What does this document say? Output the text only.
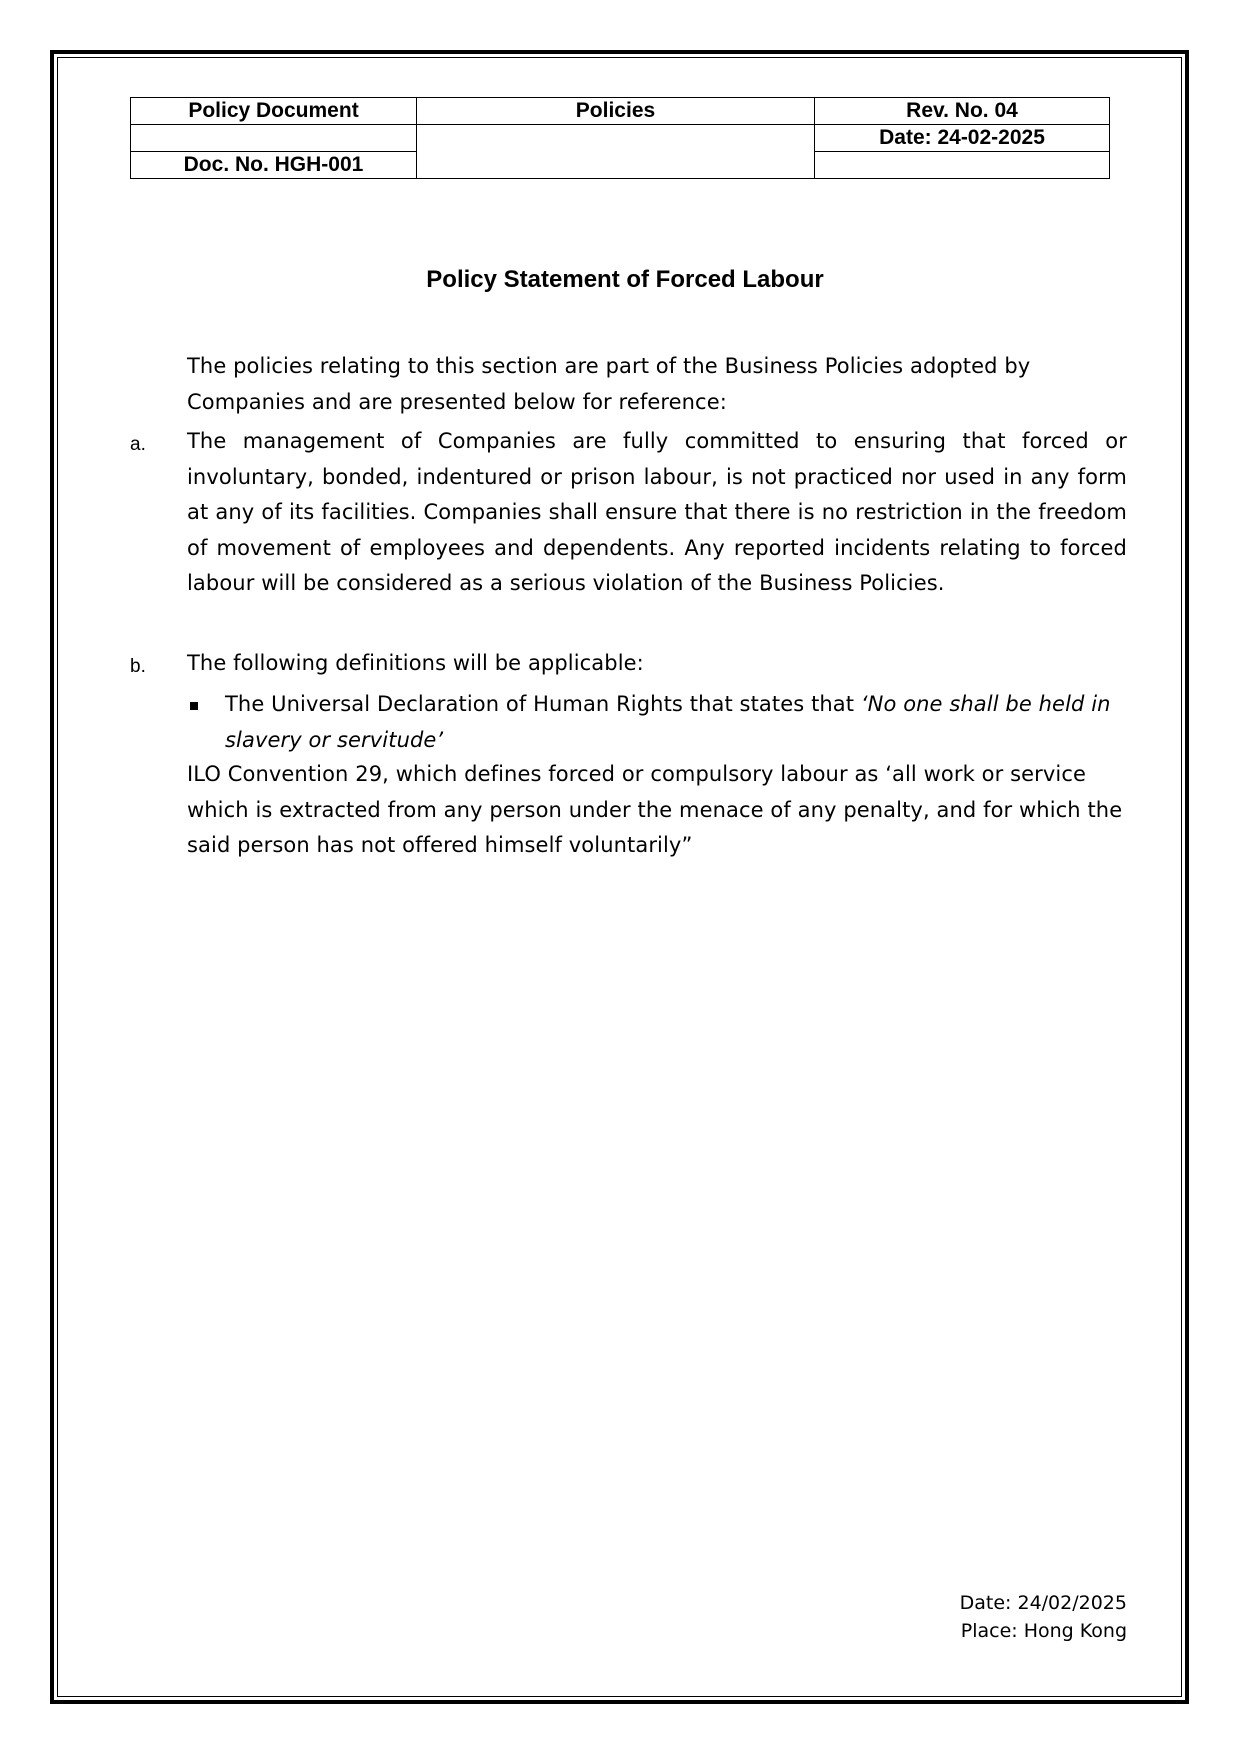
Policy Document	Policies	Rev. No. 04
		Date: 24-02-2025
Doc. No. HGH-001		
Policy Statement of Forced Labour
The policies relating to this section are part of the Business Policies adopted by Companies and are presented below for reference:
a. The management of Companies are fully committed to ensuring that forced or involuntary, bonded, indentured or prison labour, is not practiced nor used in any form at any of its facilities. Companies shall ensure that there is no restriction in the freedom of movement of employees and dependents. Any reported incidents relating to forced labour will be considered as a serious violation of the Business Policies.
b. The following definitions will be applicable:
The Universal Declaration of Human Rights that states that ‘No one shall be held in slavery or servitude’
ILO Convention 29, which defines forced or compulsory labour as ‘all work or service which is extracted from any person under the menace of any penalty, and for which the said person has not offered himself voluntarily”
Date: 24/02/2025
Place: Hong Kong
